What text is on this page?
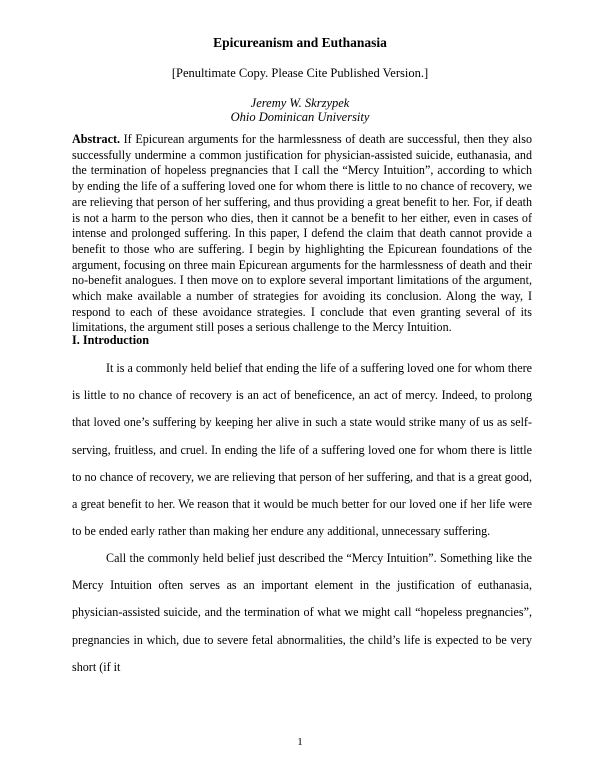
Epicureanism and Euthanasia
[Penultimate Copy. Please Cite Published Version.]
Jeremy W. Skrzypek
Ohio Dominican University

Abstract. If Epicurean arguments for the harmlessness of death are successful, then they also successfully undermine a common justification for physician-assisted suicide, euthanasia, and the termination of hopeless pregnancies that I call the “Mercy Intuition”, according to which by ending the life of a suffering loved one for whom there is little to no chance of recovery, we are relieving that person of her suffering, and thus providing a great benefit to her. For, if death is not a harm to the person who dies, then it cannot be a benefit to her either, even in cases of intense and prolonged suffering. In this paper, I defend the claim that death cannot provide a benefit to those who are suffering. I begin by highlighting the Epicurean foundations of the argument, focusing on three main Epicurean arguments for the harmlessness of death and their no-benefit analogues. I then move on to explore several important limitations of the argument, which make available a number of strategies for avoiding its conclusion. Along the way, I respond to each of these avoidance strategies. I conclude that even granting several of its limitations, the argument still poses a serious challenge to the Mercy Intuition.

I. Introduction

It is a commonly held belief that ending the life of a suffering loved one for whom there is little to no chance of recovery is an act of beneficence, an act of mercy. Indeed, to prolong that loved one’s suffering by keeping her alive in such a state would strike many of us as self-serving, fruitless, and cruel. In ending the life of a suffering loved one for whom there is little to no chance of recovery, we are relieving that person of her suffering, and that is a great good, a great benefit to her. We reason that it would be much better for our loved one if her life were to be ended early rather than making her endure any additional, unnecessary suffering.

Call the commonly held belief just described the “Mercy Intuition”. Something like the Mercy Intuition often serves as an important element in the justification of euthanasia, physician-assisted suicide, and the termination of what we might call “hopeless pregnancies”, pregnancies in which, due to severe fetal abnormalities, the child’s life is expected to be very short (if it

1
